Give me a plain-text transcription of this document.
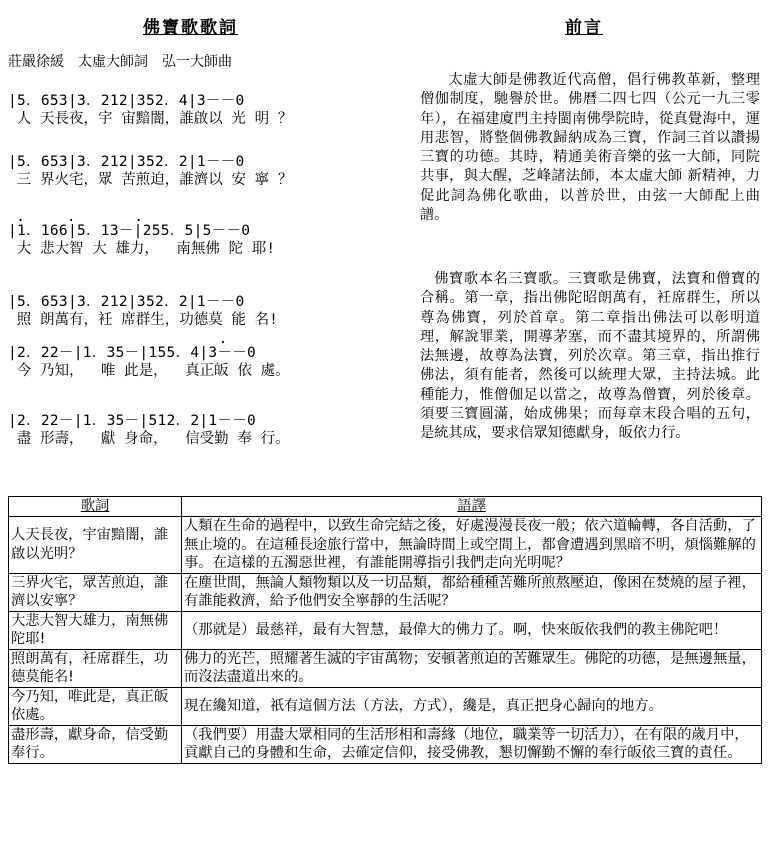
佛寶歌歌詞	前言
莊嚴徐緩　太虛大師詞　弘一大師曲
|5．653|3．212|352．4|3－－0
人 天長夜，宇 宙黯闇，誰啟以 光 明 ？
|5．653|3．212|352．2|1－－0
三 界火宅，眾 苦煎迫，誰濟以 安 寧 ？
.     .       .
|1．166|5．13－|255．5|5－－0
大 悲大智 大 雄力，  南無佛 陀 耶!
|5．653|3．212|352．2|1－－0
照 朗萬有，衽 席群生，功德莫 能 名!
.
|2．22－|1．35－|155．4|3－－0
今 乃知，  唯 此是，  真正皈 依 處。
|2．22－|1．35－|512．2|1－－0
盡 形壽，  獻 身命，  信受勤 奉 行。

太虛大師是佛教近代高僧，倡行佛教革新，整理僧伽制度，馳譽於世。佛曆二四七四（公元一九三零年），在福建廈門主持閩南佛學院時，從真覺海中，運用悲智，將整個佛教歸納成為三寶，作詞三首以讚揚三寶的功德。其時，精通美術音樂的弦一大師，同院共事，與大醒，芝峰諸法師，本太虛大師 新精神，力促此詞為佛化歌曲，以普於世，由弦一大師配上曲譜。

佛寶歌本名三寶歌。三寶歌是佛寶，法寶和僧寶的合稱。第一章，指出佛陀昭朗萬有，衽席群生，所以尊為佛寶，列於首章。第二章指出佛法可以彰明道理，解說罪業，開導茅塞，而不盡其境界的，所謂佛法無邊，故尊為法寶，列於次章。第三章，指出推行佛法，須有能者，然後可以統理大眾，主持法城。此種能力，惟僧伽足以當之，故尊為僧寶，列於後章。須要三寶圓滿，始成佛果；而每章末段合唱的五句，是統其成，要求信眾知德獻身，皈依力行。

歌詞	語譯
人天長夜，宇宙黯闇，誰啟以光明？	人類在生命的過程中，以致生命完結之後，好處漫漫長夜一般；依六道輪轉，各自活動，了無止境的。在這種長途旅行當中，無論時間上或空間上，都會遭遇到黑暗不明，煩惱難解的事。在這樣的五濁惡世裡，有誰能開導指引我們走向光明呢？
三界火宅，眾苦煎迫，誰濟以安寧？	在塵世間，無論人類物類以及一切品類，都給種種苦難所煎熬壓迫，像困在焚燒的屋子裡，有誰能救濟，給予他們安全寧靜的生活呢？
大悲大智大雄力，南無佛陀耶!	（那就是）最慈祥，最有大智慧，最偉大的佛力了。啊，快來皈依我們的教主佛陀吧！
照朗萬有，衽席群生，功德莫能名!	佛力的光芒，照耀著生滅的宇宙萬物；安頓著煎迫的苦難眾生。佛陀的功德，是無邊無量，而沒法盡道出來的。
今乃知，唯此是，真正皈依處。	現在纔知道，祇有這個方法（方法，方式），纔是，真正把身心歸向的地方。
盡形壽，獻身命，信受勤奉行。	（我們要）用盡大眾相同的生活形相和壽緣（地位，職業等一切活力），在有限的歲月中，貢獻自己的身體和生命，去確定信仰，接受佛教，懇切懈勤不懈的奉行皈依三寶的責任。
